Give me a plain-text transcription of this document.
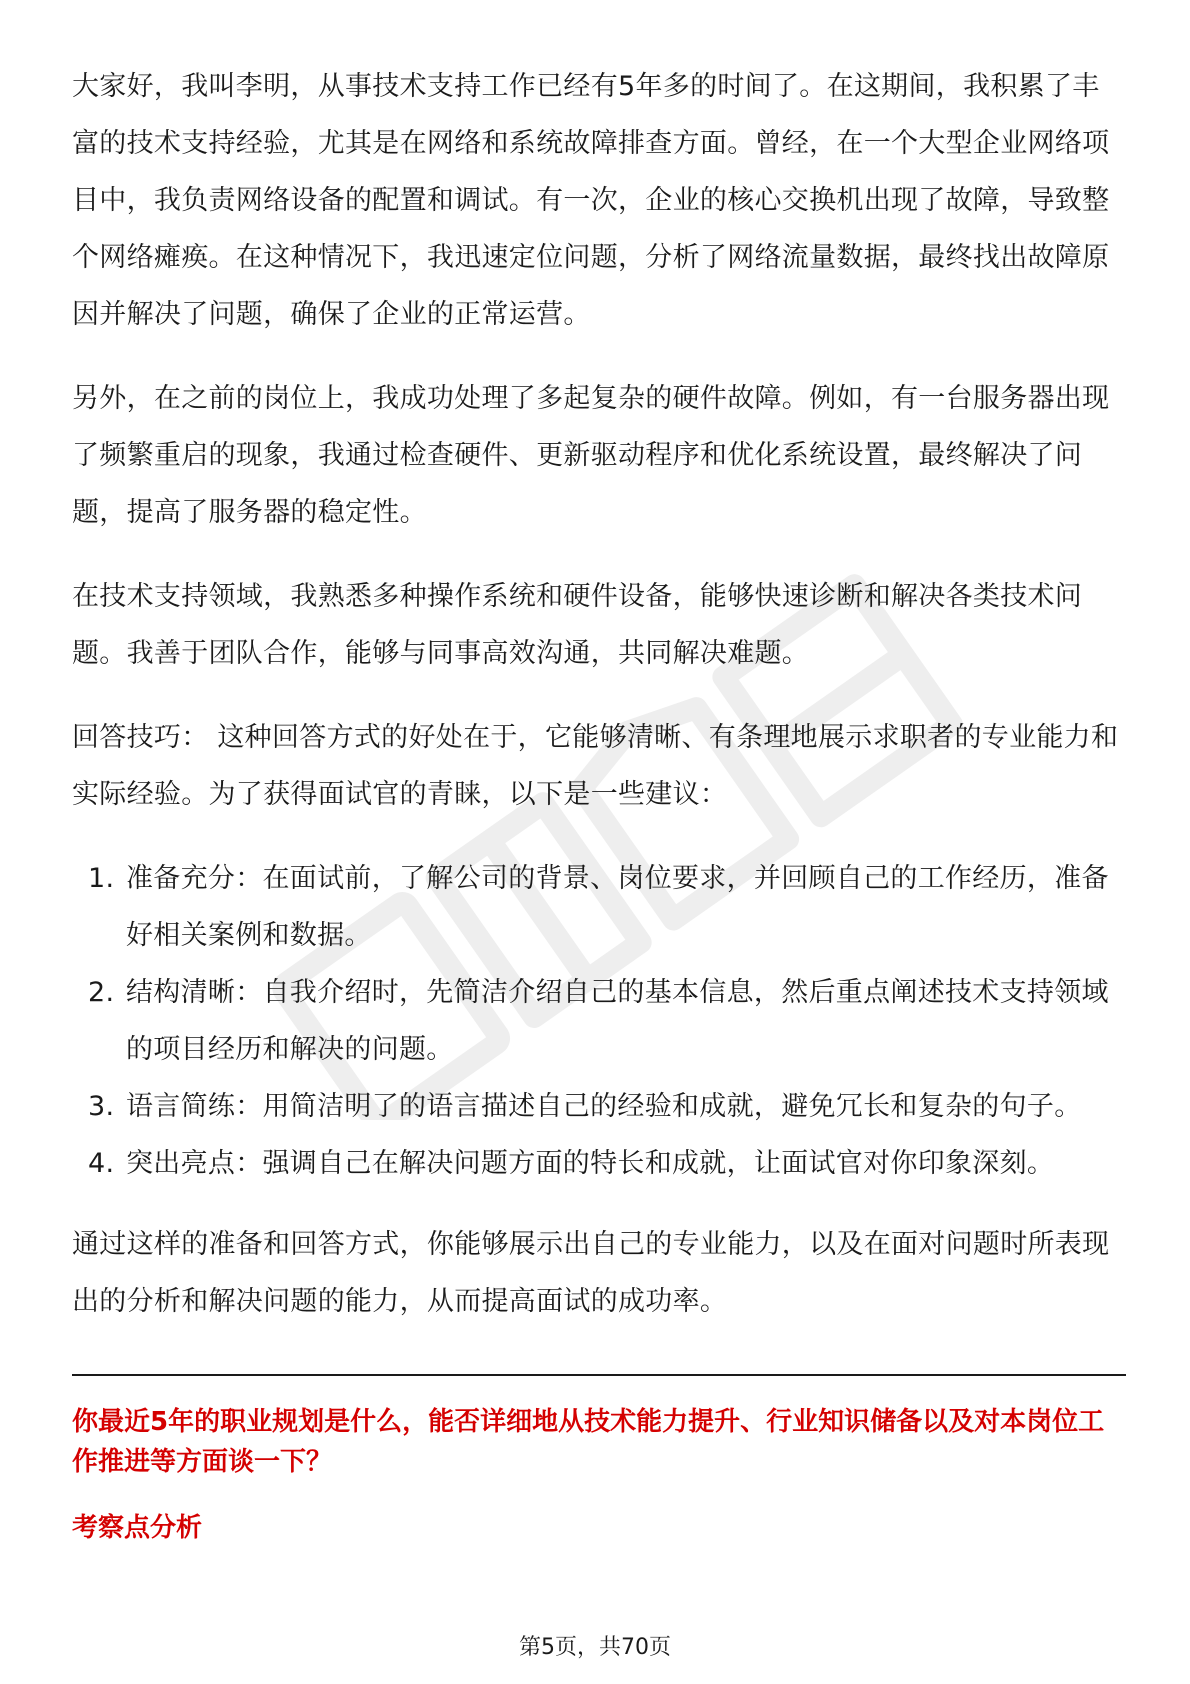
大家好，我叫李明，从事技术支持工作已经有5年多的时间了。在这期间，我积累了丰富的技术支持经验，尤其是在网络和系统故障排查方面。曾经，在一个大型企业网络项目中，我负责网络设备的配置和调试。有一次，企业的核心交换机出现了故障，导致整个网络瘫痪。在这种情况下，我迅速定位问题，分析了网络流量数据，最终找出故障原因并解决了问题，确保了企业的正常运营。

另外，在之前的岗位上，我成功处理了多起复杂的硬件故障。例如，有一台服务器出现了频繁重启的现象，我通过检查硬件、更新驱动程序和优化系统设置，最终解决了问题，提高了服务器的稳定性。

在技术支持领域，我熟悉多种操作系统和硬件设备，能够快速诊断和解决各类技术问题。我善于团队合作，能够与同事高效沟通，共同解决难题。

回答技巧： 这种回答方式的好处在于，它能够清晰、有条理地展示求职者的专业能力和实际经验。为了获得面试官的青睐，以下是一些建议：

1. 准备充分：在面试前，了解公司的背景、岗位要求，并回顾自己的工作经历，准备好相关案例和数据。
2. 结构清晰：自我介绍时，先简洁介绍自己的基本信息，然后重点阐述技术支持领域的项目经历和解决的问题。
3. 语言简练：用简洁明了的语言描述自己的经验和成就，避免冗长和复杂的句子。
4. 突出亮点：强调自己在解决问题方面的特长和成就，让面试官对你印象深刻。

通过这样的准备和回答方式，你能够展示出自己的专业能力，以及在面对问题时所表现出的分析和解决问题的能力，从而提高面试的成功率。

你最近5年的职业规划是什么，能否详细地从技术能力提升、行业知识储备以及对本岗位工作推进等方面谈一下？

考察点分析

第5页，共70页
